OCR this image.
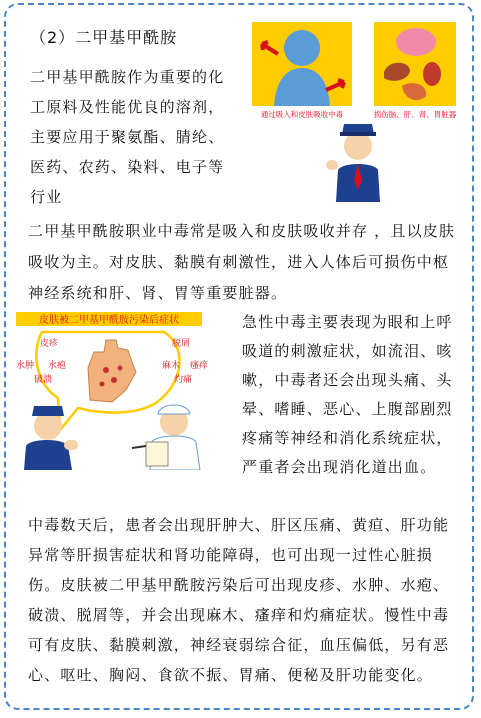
（2）二甲基甲酰胺

二甲基甲酰胺作为重要的化工原料及性能优良的溶剂，主要应用于聚氨酯、腈纶、医药、农药、染料、电子等行业

通过吸入和皮肤吸收中毒	损伤脑、肝、肾、胃脏器

二甲基甲酰胺职业中毒常是吸入和皮肤吸收并存 ，且以皮肤吸收为主。对皮肤、黏膜有刺激性，进入人体后可损伤中枢神经系统和肝、肾、胃等重要脏器。

皮肤被二甲基甲酰胺污染后症状
皮疹
水疱
水肿
破溃
脱屑
麻木 瘙痒
灼痛

急性中毒主要表现为眼和上呼吸道的刺激症状，如流泪、咳嗽，中毒者还会出现头痛、头晕、嗜睡、恶心、上腹部剧烈疼痛等神经和消化系统症状，严重者会出现消化道出血。

中毒数天后，患者会出现肝肿大、肝区压痛、黄疸、肝功能异常等肝损害症状和肾功能障碍，也可出现一过性心脏损伤。皮肤被二甲基甲酰胺污染后可出现皮疹、水肿、水疱、破溃、脱屑等，并会出现麻木、瘙痒和灼痛症状。慢性中毒可有皮肤、黏膜刺激，神经衰弱综合征，血压偏低，另有恶心、呕吐、胸闷、食欲不振、胃痛、便秘及肝功能变化。
